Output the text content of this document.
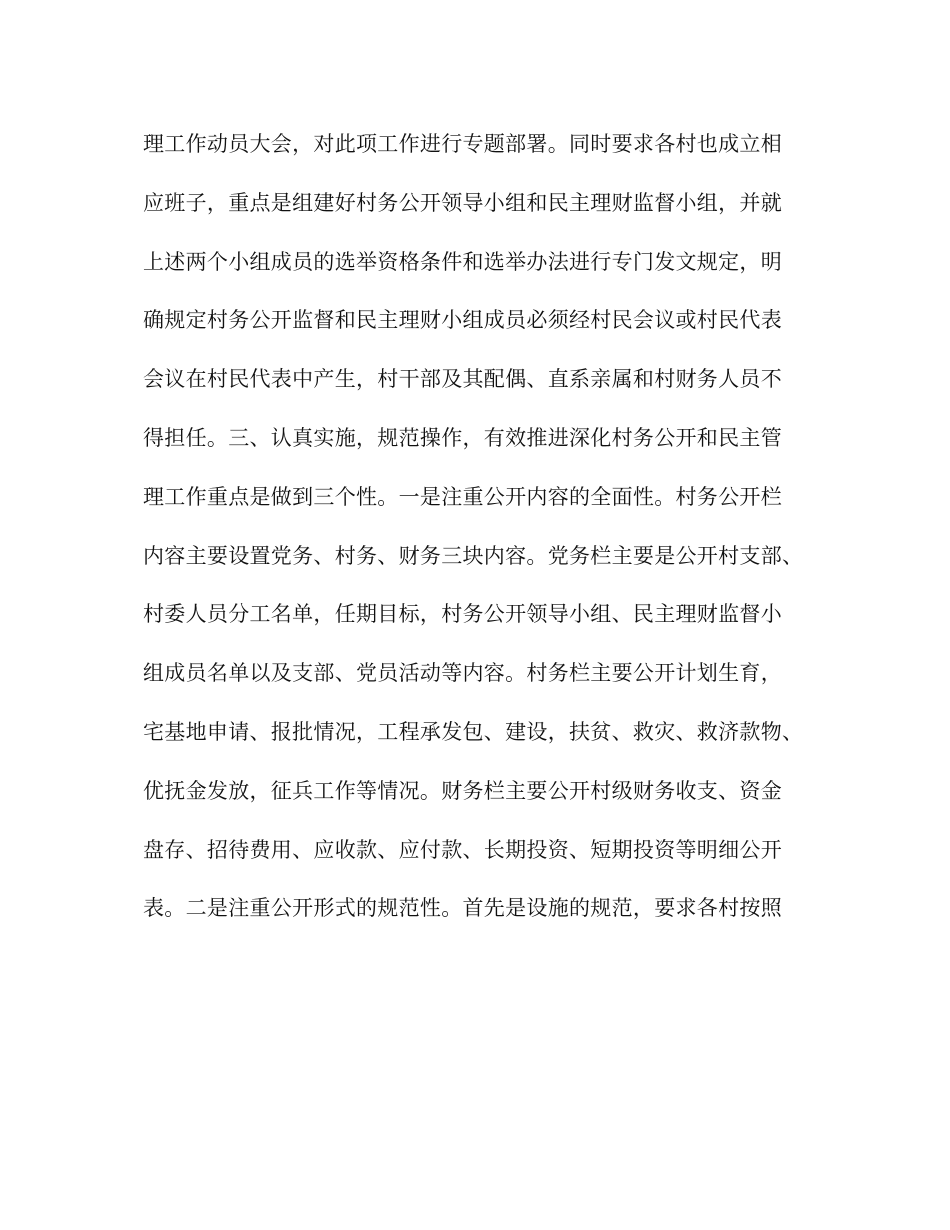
理工作动员大会，对此项工作进行专题部署。同时要求各村也成立相
应班子，重点是组建好村务公开领导小组和民主理财监督小组，并就
上述两个小组成员的选举资格条件和选举办法进行专门发文规定，明
确规定村务公开监督和民主理财小组成员必须经村民会议或村民代表
会议在村民代表中产生，村干部及其配偶、直系亲属和村财务人员不
得担任。三、认真实施，规范操作，有效推进深化村务公开和民主管
理工作重点是做到三个性。一是注重公开内容的全面性。村务公开栏
内容主要设置党务、村务、财务三块内容。党务栏主要是公开村支部、
村委人员分工名单，任期目标，村务公开领导小组、民主理财监督小
组成员名单以及支部、党员活动等内容。村务栏主要公开计划生育，
宅基地申请、报批情况，工程承发包、建设，扶贫、救灾、救济款物、
优抚金发放，征兵工作等情况。财务栏主要公开村级财务收支、资金
盘存、招待费用、应收款、应付款、长期投资、短期投资等明细公开
表。二是注重公开形式的规范性。首先是设施的规范，要求各村按照
